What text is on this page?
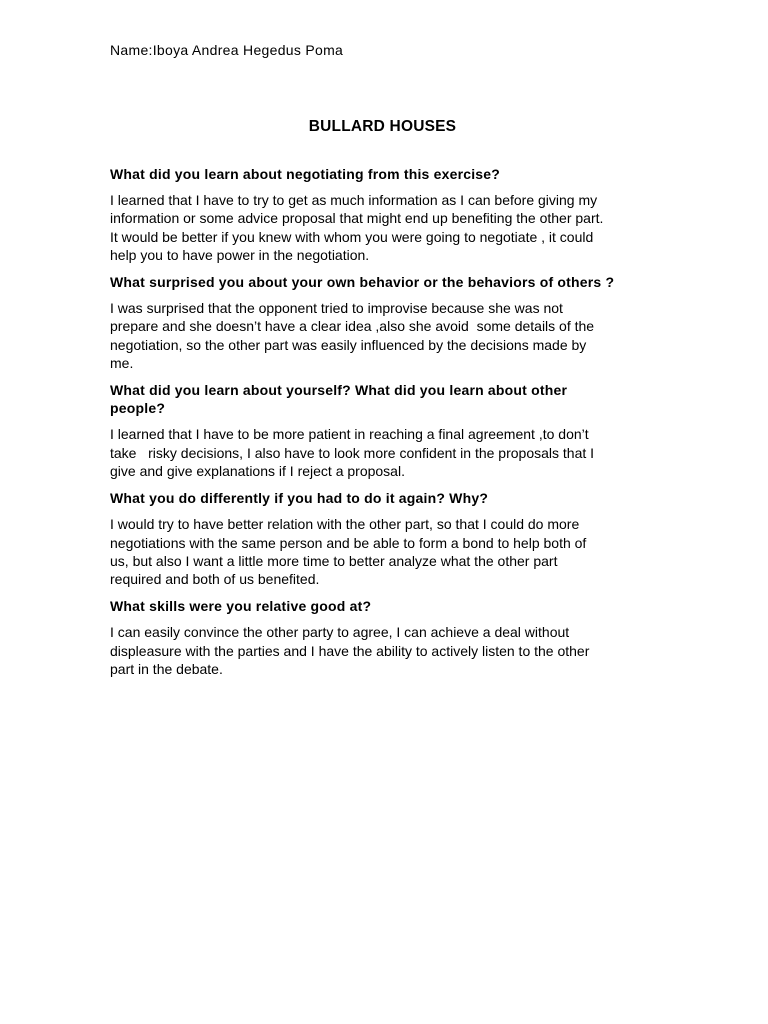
Name:Iboya Andrea Hegedus Poma

BULLARD HOUSES

What did you learn about negotiating from this exercise?

I learned that I have to try to get as much information as I can before giving my
information or some advice proposal that might end up benefiting the other part.
It would be better if you knew with whom you were going to negotiate , it could
help you to have power in the negotiation.

What surprised you about your own behavior or the behaviors of others ?

I was surprised that the opponent tried to improvise because she was not
prepare and she doesn’t have a clear idea ,also she avoid  some details of the
negotiation, so the other part was easily influenced by the decisions made by
me.

What did you learn about yourself? What did you learn about other
people?

I learned that I have to be more patient in reaching a final agreement ,to don’t
take   risky decisions, I also have to look more confident in the proposals that I
give and give explanations if I reject a proposal.

What you do differently if you had to do it again? Why?

I would try to have better relation with the other part, so that I could do more
negotiations with the same person and be able to form a bond to help both of
us, but also I want a little more time to better analyze what the other part
required and both of us benefited.

What skills were you relative good at?

I can easily convince the other party to agree, I can achieve a deal without
displeasure with the parties and I have the ability to actively listen to the other
part in the debate.
